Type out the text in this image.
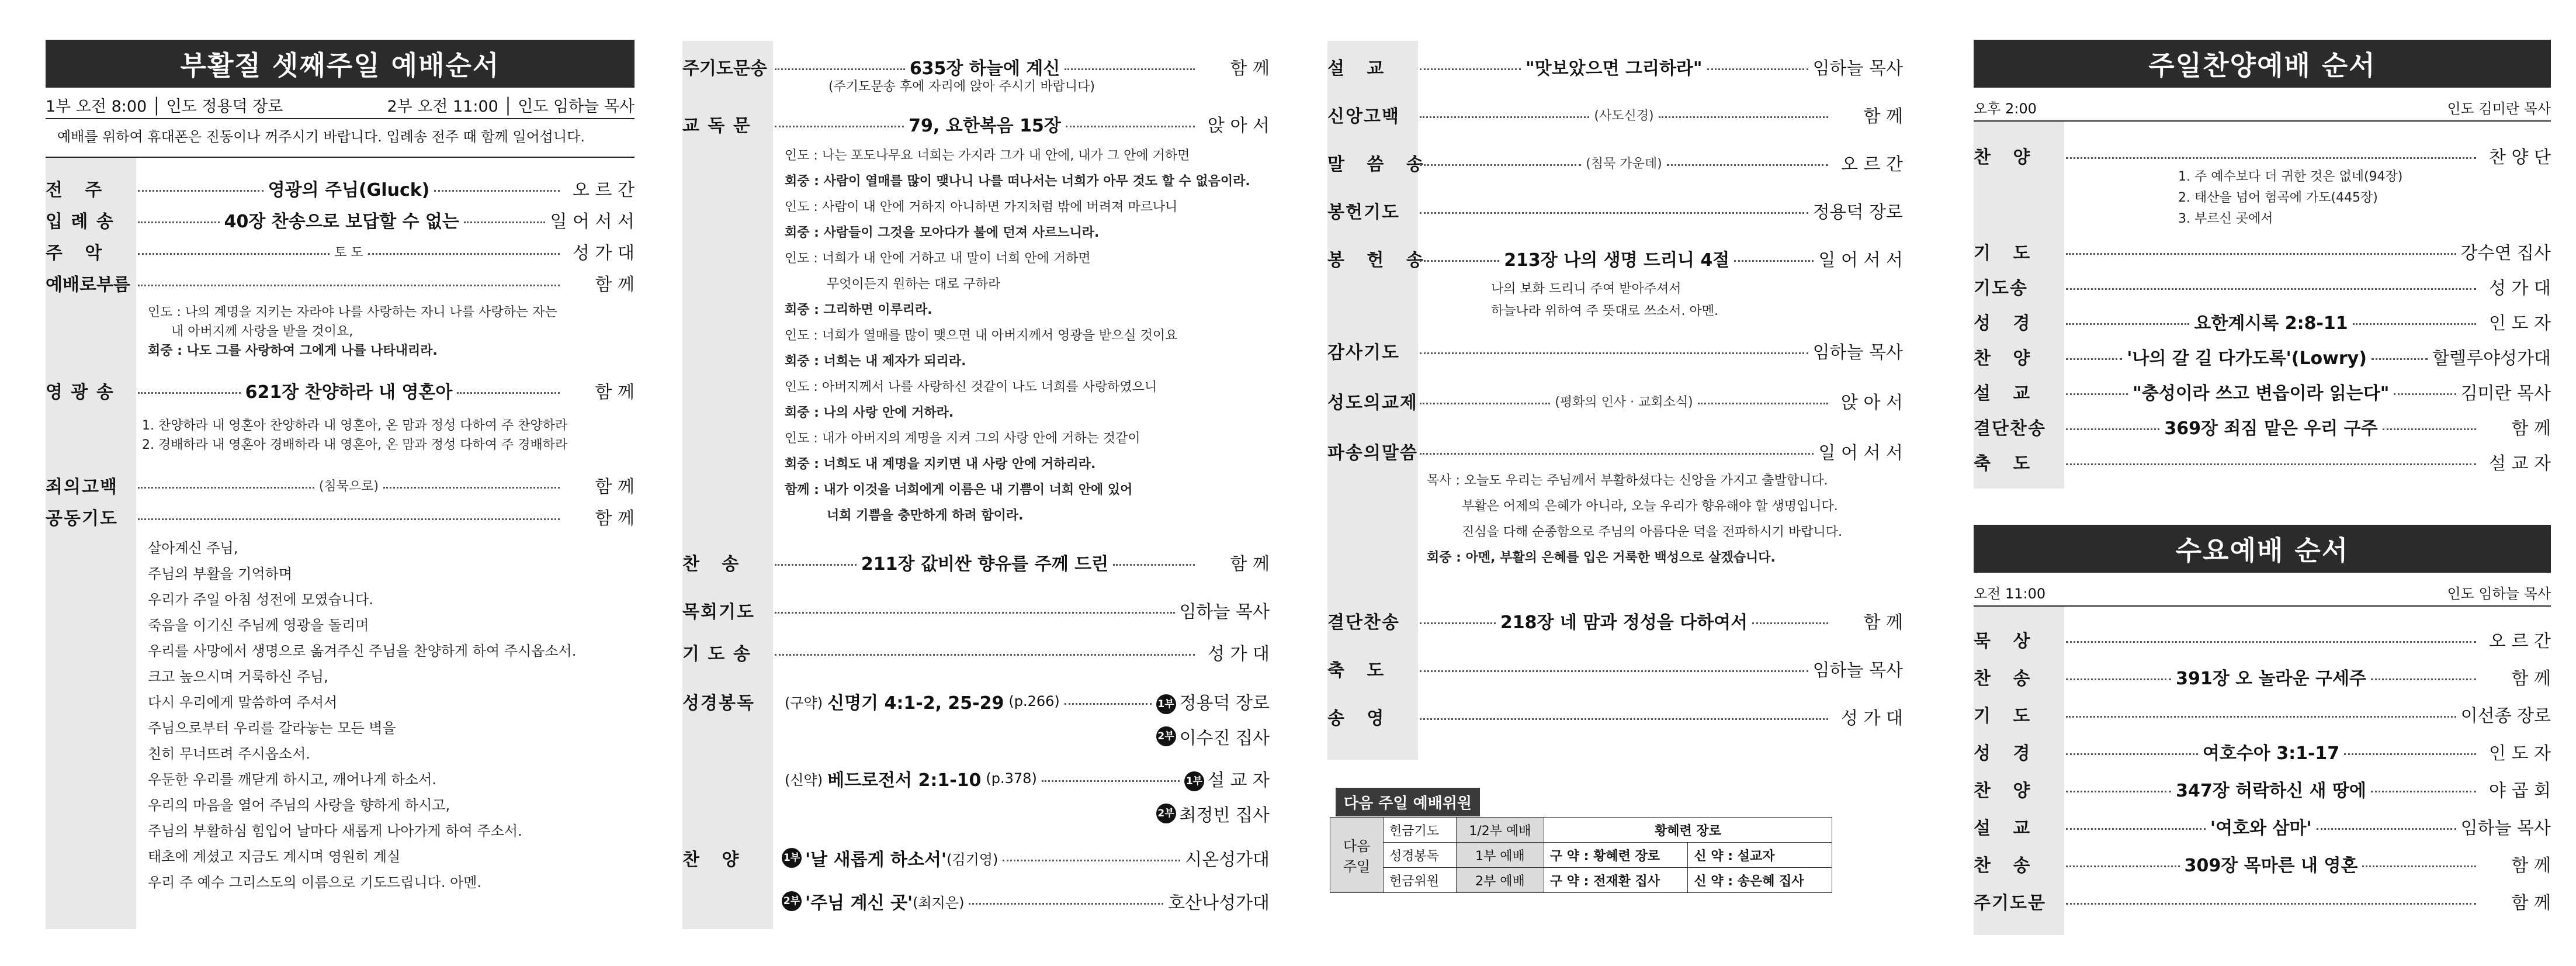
부활절 셋째주일 예배순서
1부 오전 8:00 │ 인도 정용덕 장로	2부 오전 11:00 │ 인도 임하늘 목사
예배를 위하여 휴대폰은 진동이나 꺼주시기 바랍니다. 입례송 전주 때 함께 일어섭니다.
전 주	영광의 주님(Gluck)	오 르 간
입 례 송	40장 찬송으로 보답할 수 없는	일 어 서 서
주 악	토 도	성 가 대
예배로부름	함 께
인도 : 나의 계명을 지키는 자라야 나를 사랑하는 자니 나를 사랑하는 자는
내 아버지께 사랑을 받을 것이요,
회중 : 나도 그를 사랑하여 그에게 나를 나타내리라.
영 광 송	621장 찬양하라 내 영혼아	함 께
1. 찬양하라 내 영혼아 찬양하라 내 영혼아, 온 맘과 정성 다하여 주 찬양하라
2. 경배하라 내 영혼아 경배하라 내 영혼아, 온 맘과 정성 다하여 주 경배하라
죄의고백	(침묵으로)	함 께
공동기도	함 께
살아계신 주님,
주님의 부활을 기억하며
우리가 주일 아침 성전에 모였습니다.
죽음을 이기신 주님께 영광을 돌리며
우리를 사망에서 생명으로 옮겨주신 주님을 찬양하게 하여 주시옵소서.
크고 높으시며 거룩하신 주님,
다시 우리에게 말씀하여 주셔서
주님으로부터 우리를 갈라놓는 모든 벽을
친히 무너뜨려 주시옵소서.
우둔한 우리를 깨닫게 하시고, 깨어나게 하소서.
우리의 마음을 열어 주님의 사랑을 향하게 하시고,
주님의 부활하심 힘입어 날마다 새롭게 나아가게 하여 주소서.
태초에 계셨고 지금도 계시며 영원히 계실
우리 주 예수 그리스도의 이름으로 기도드립니다. 아멘.
주기도문송	635장 하늘에 계신	함 께
(주기도문송 후에 자리에 앉아 주시기 바랍니다)
교 독 문	79, 요한복음 15장	앉 아 서
인도 : 나는 포도나무요 너희는 가지라 그가 내 안에, 내가 그 안에 거하면
회중 : 사람이 열매를 많이 맺나니 나를 떠나서는 너희가 아무 것도 할 수 없음이라.
인도 : 사람이 내 안에 거하지 아니하면 가지처럼 밖에 버려져 마르나니
회중 : 사람들이 그것을 모아다가 불에 던져 사르느니라.
인도 : 너희가 내 안에 거하고 내 말이 너희 안에 거하면
무엇이든지 원하는 대로 구하라
회중 : 그리하면 이루리라.
인도 : 너희가 열매를 많이 맺으면 내 아버지께서 영광을 받으실 것이요
회중 : 너희는 내 제자가 되리라.
인도 : 아버지께서 나를 사랑하신 것같이 나도 너희를 사랑하였으니
회중 : 나의 사랑 안에 거하라.
인도 : 내가 아버지의 계명을 지켜 그의 사랑 안에 거하는 것같이
회중 : 너희도 내 계명을 지키면 내 사랑 안에 거하리라.
함께 : 내가 이것을 너희에게 이름은 내 기쁨이 너희 안에 있어
너희 기쁨을 충만하게 하려 함이라.
찬 송	211장 값비싼 향유를 주께 드린	함 께
목회기도	임하늘 목사
기 도 송	성 가 대
성경봉독	(구약) 신명기 4:1-2, 25-29 (p.266)	1부 정용덕 장로
2부 이수진 집사
(신약) 베드로전서 2:1-10 (p.378)	1부 설 교 자
2부 최정빈 집사
찬 양	1부 '날 새롭게 하소서' (김기영)	시온성가대
2부 '주님 계신 곳' (최지은)	호산나성가대
설 교	"맛보았으면 그리하라"	임하늘 목사
신앙고백	(사도신경)	함 께
말 씀 송	(침묵 가운데)	오 르 간
봉헌기도	정용덕 장로
봉 헌 송	213장 나의 생명 드리니 4절	일 어 서 서
나의 보화 드리니 주여 받아주셔서
하늘나라 위하여 주 뜻대로 쓰소서. 아멘.
감사기도	임하늘 목사
성도의교제	(평화의 인사 · 교회소식)	앉 아 서
파송의말씀	일 어 서 서
목사 : 오늘도 우리는 주님께서 부활하셨다는 신앙을 가지고 출발합니다.
부활은 어제의 은혜가 아니라, 오늘 우리가 향유해야 할 생명입니다.
진심을 다해 순종함으로 주님의 아름다운 덕을 전파하시기 바랍니다.
회중 : 아멘, 부활의 은혜를 입은 거룩한 백성으로 살겠습니다.
결단찬송	218장 네 맘과 정성을 다하여서	함 께
축 도	임하늘 목사
송 영	성 가 대
다음 주일 예배위원
다음 주일	헌금기도	1/2부 예배	황혜련 장로	
	성경봉독	1부 예배	구 약 : 황혜련 장로	신 약 : 설교자
	헌금위원	2부 예배	구 약 : 전재환 집사	신 약 : 송은혜 집사
주일찬양예배 순서
오후 2:00	인도 김미란 목사
찬 양	찬 양 단
1. 주 예수보다 더 귀한 것은 없네(94장)
2. 태산을 넘어 험곡에 가도(445장)
3. 부르신 곳에서
기 도	강수연 집사
기도송	성 가 대
성 경	요한계시록 2:8-11	인 도 자
찬 양	'나의 갈 길 다가도록'(Lowry)	할렐루야성가대
설 교	"충성이라 쓰고 변읍이라 읽는다"	김미란 목사
결단찬송	369장 죄짐 맡은 우리 구주	함 께
축 도	설 교 자
수요예배 순서
오전 11:00	인도 임하늘 목사
묵 상	오 르 간
찬 송	391장 오 놀라운 구세주	함 께
기 도	이선종 장로
성 경	여호수아 3:1-17	인 도 자
찬 양	347장 허락하신 새 땅에	야 곱 회
설 교	'여호와 삼마'	임하늘 목사
찬 송	309장 목마른 내 영혼	함 께
주기도문	함 께
